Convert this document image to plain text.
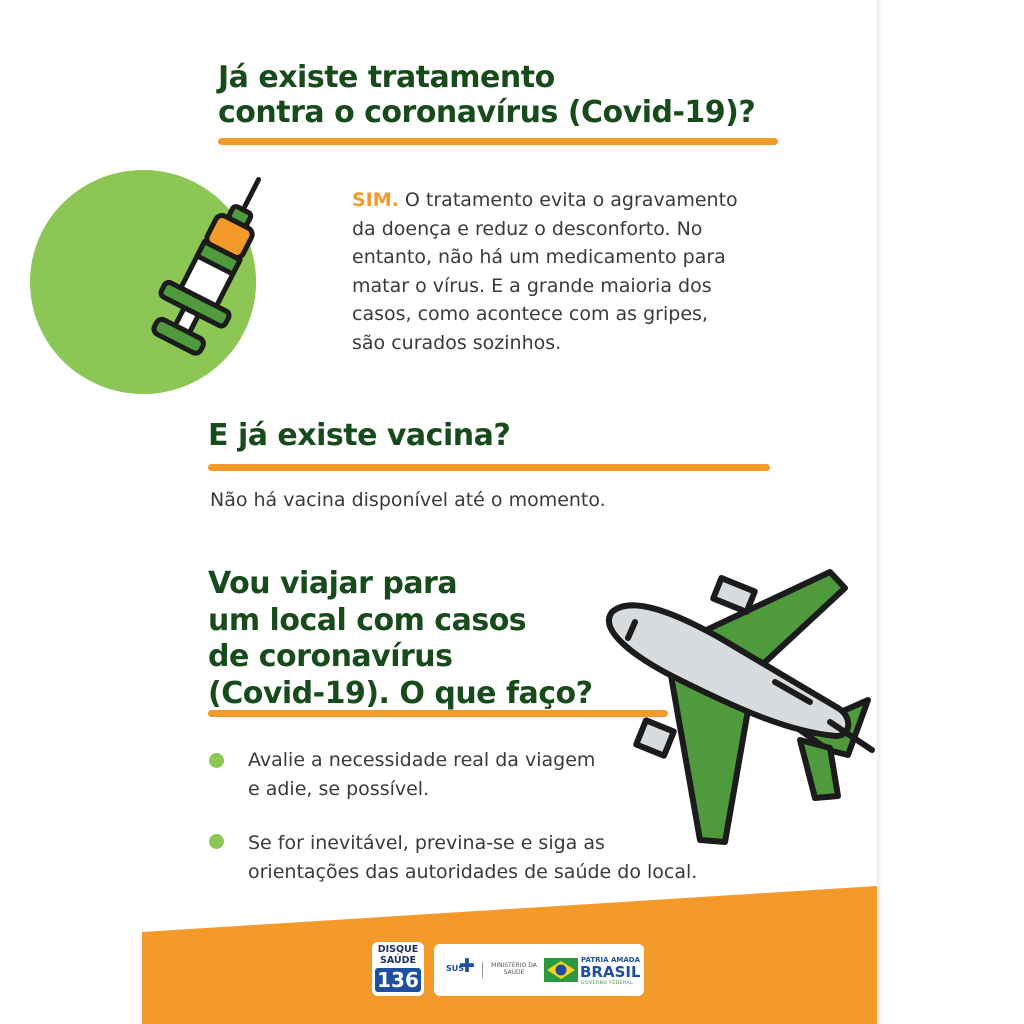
Já existe tratamento
contra o coronavírus (Covid-19)?
SIM. O tratamento evita o agravamento
da doença e reduz o desconforto. No
entanto, não há um medicamento para
matar o vírus. E a grande maioria dos
casos, como acontece com as gripes,
são curados sozinhos.
E já existe vacina?
Não há vacina disponível até o momento.
Vou viajar para
um local com casos
de coronavírus
(Covid-19). O que faço?
Avalie a necessidade real da viagem
e adie, se possível.
Se for inevitável, previna-se e siga as
orientações das autoridades de saúde do local.
DISQUE
SAÚDE
136	SUS
✚	MINISTÉRIO DA
SAÚDE
PÁTRIA AMADA
BRASIL
GOVERNO FEDERAL
